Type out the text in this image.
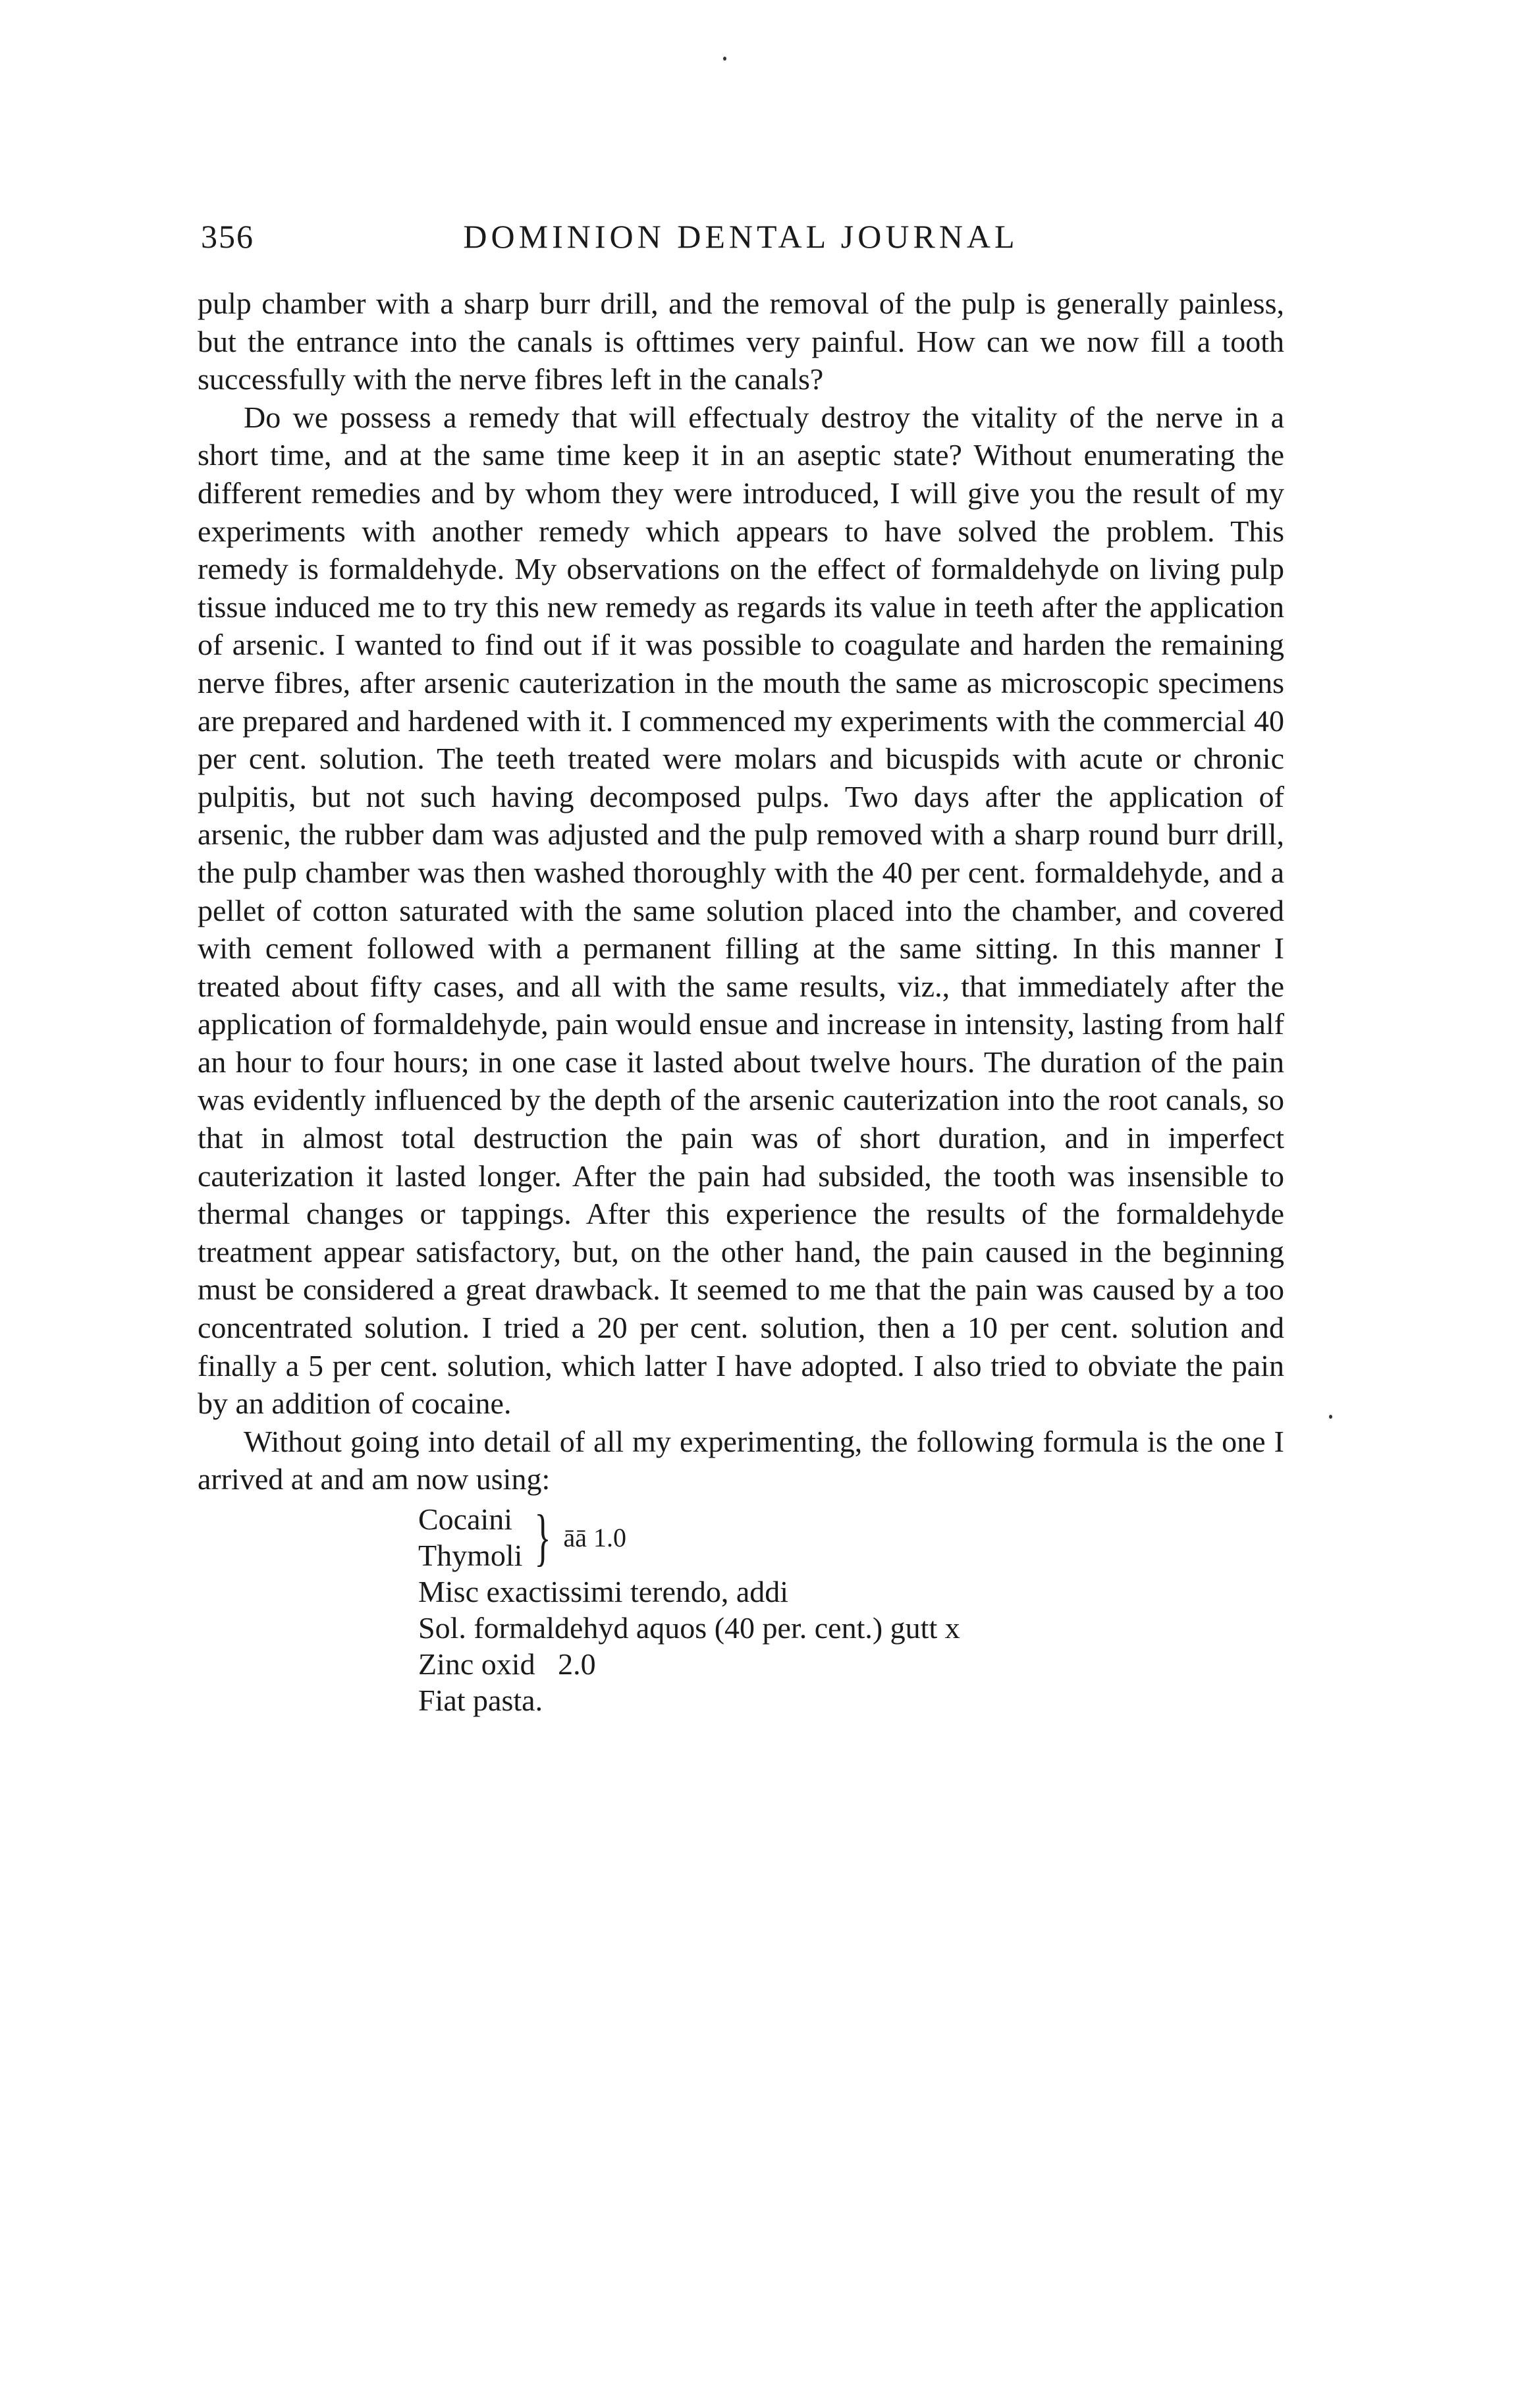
356	DOMINION DENTAL JOURNAL

pulp chamber with a sharp burr drill, and the removal of the pulp is generally painless, but the entrance into the canals is ofttimes very painful. How can we now fill a tooth successfully with the nerve fibres left in the canals?

Do we possess a remedy that will effectualy destroy the vitality of the nerve in a short time, and at the same time keep it in an aseptic state? Without enumerating the different remedies and by whom they were introduced, I will give you the result of my experiments with another remedy which appears to have solved the problem. This remedy is formaldehyde. My observations on the effect of formaldehyde on living pulp tissue induced me to try this new remedy as regards its value in teeth after the application of arsenic. I wanted to find out if it was possible to coagulate and harden the remaining nerve fibres, after arsenic cauterization in the mouth the same as microscopic specimens are prepared and hardened with it. I commenced my experiments with the commercial 40 per cent. solution. The teeth treated were molars and bicuspids with acute or chronic pulpitis, but not such having decomposed pulps. Two days after the application of arsenic, the rubber dam was adjusted and the pulp removed with a sharp round burr drill, the pulp chamber was then washed thoroughly with the 40 per cent. formaldehyde, and a pellet of cotton saturated with the same solution placed into the chamber, and covered with cement followed with a permanent filling at the same sitting. In this manner I treated about fifty cases, and all with the same results, viz., that immediately after the application of formaldehyde, pain would ensue and increase in intensity, lasting from half an hour to four hours; in one case it lasted about twelve hours. The duration of the pain was evidently influenced by the depth of the arsenic cauterization into the root canals, so that in almost total destruction the pain was of short duration, and in imperfect cauterization it lasted longer. After the pain had subsided, the tooth was insensible to thermal changes or tappings. After this experience the results of the formaldehyde treatment appear satisfactory, but, on the other hand, the pain caused in the beginning must be considered a great drawback. It seemed to me that the pain was caused by a too concentrated solution. I tried a 20 per cent. solution, then a 10 per cent. solution and finally a 5 per cent. solution, which latter I have adopted. I also tried to obviate the pain by an addition of cocaine.

Without going into detail of all my experimenting, the following formula is the one I arrived at and am now using:

Cocaini
Thymoli } āā 1.0
Misc exactissimi terendo, addi
Sol. formaldehyd aquos (40 per. cent.) gutt x
Zinc oxid   2.0
Fiat pasta.
